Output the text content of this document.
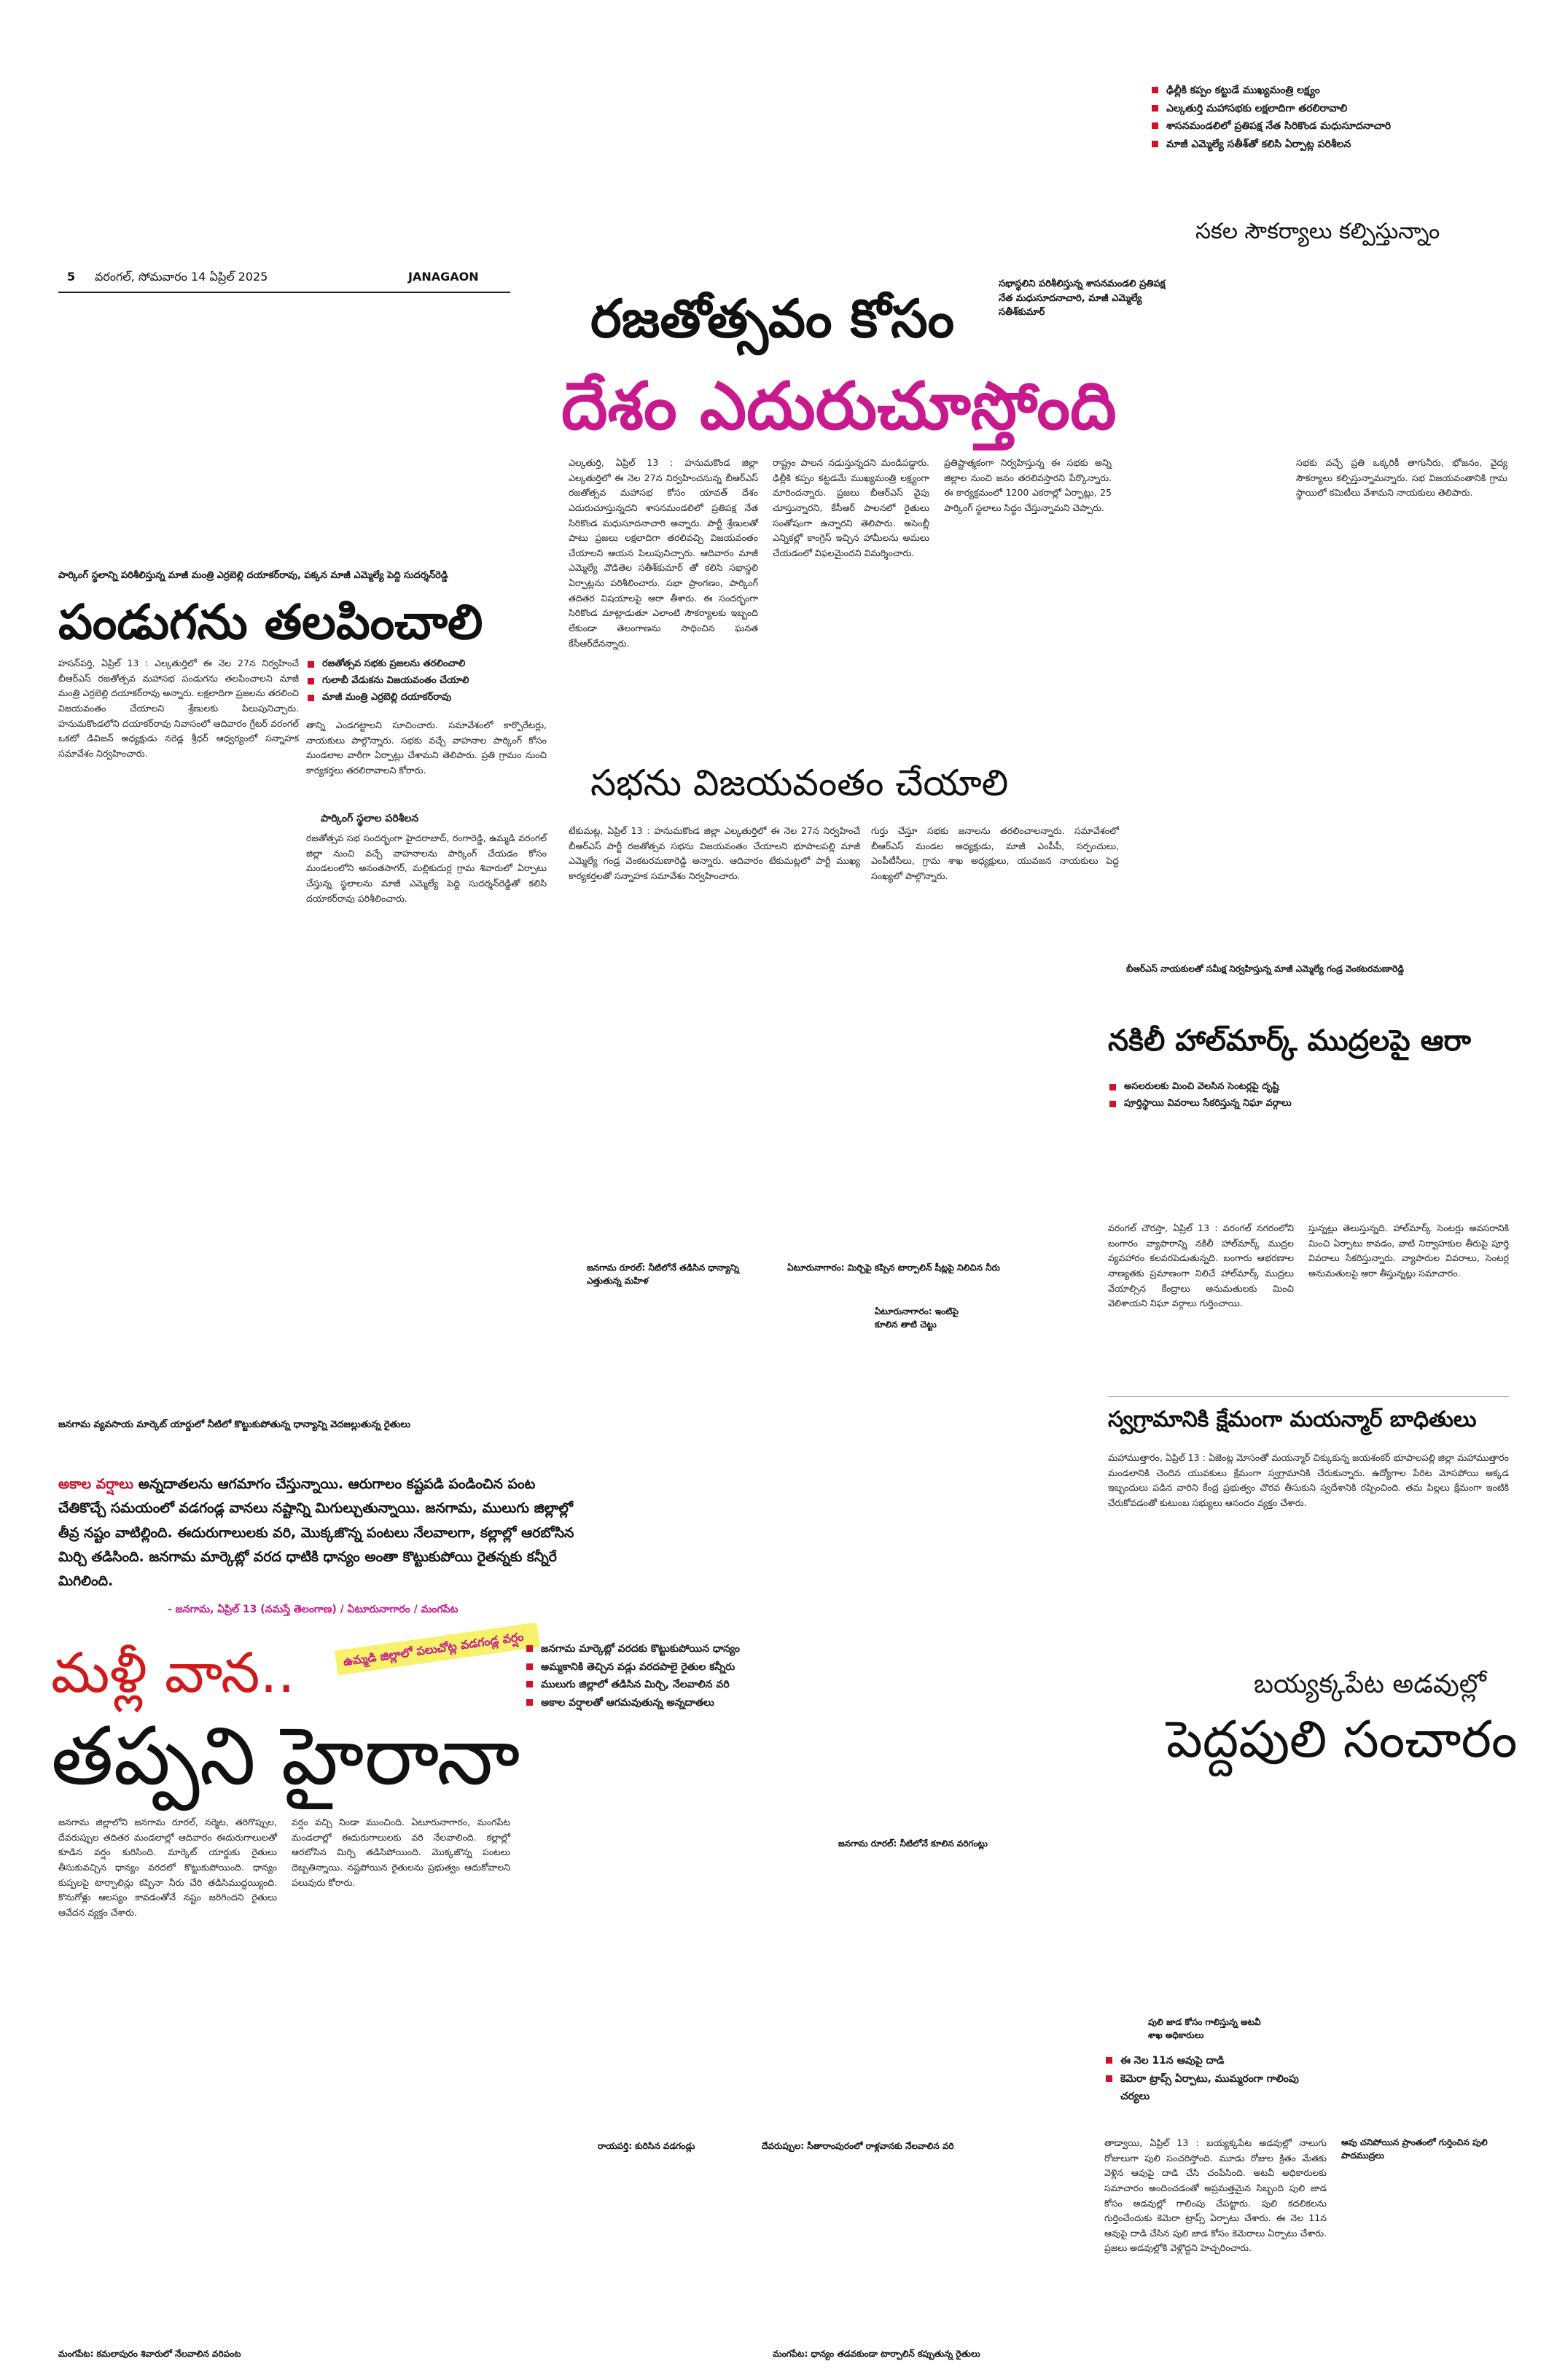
ఢిల్లీకి కప్పం కట్టుడే ముఖ్యమంత్రి లక్ష్యం
ఎల్కతుర్తి మహాసభకు లక్షలాదిగా తరలిరావాలి
శాసనమండలిలో ప్రతిపక్ష నేత సిరికొండ మధుసూదనాచారి
మాజీ ఎమ్మెల్యే సతీశ్‌తో కలిసి ఏర్పాట్ల పరిశీలన
సకల సౌకర్యాలు కల్పిస్తున్నాం
5 వరంగల్, సోమవారం 14 ఏప్రిల్ 2025	JANAGAON
రజతోత్సవం కోసం
సభాస్థలిని పరిశీలిస్తున్న శాసనమండలి ప్రతిపక్ష నేత మధుసూదనాచారి, మాజీ ఎమ్మెల్యే సతీశ్‌కుమార్
దేశం ఎదురుచూస్తోంది
ఎల్కతుర్తి, ఏప్రిల్ 13 : హనుమకొండ జిల్లా ఎల్కతుర్తిలో ఈ నెల 27న నిర్వహించనున్న బీఆర్‌ఎస్ రజతోత్సవ మహాసభ కోసం యావత్ దేశం ఎదురుచూస్తున్నదని శాసనమండలిలో ప్రతిపక్ష నేత సిరికొండ మధుసూదనాచారి అన్నారు. పార్టీ శ్రేణులతో పాటు ప్రజలు లక్షలాదిగా తరలివచ్చి విజయవంతం చేయాలని ఆయన పిలుపునిచ్చారు. ఆదివారం మాజీ ఎమ్మెల్యే వొడితెల సతీశ్‌కుమార్ తో కలిసి సభాస్థలి ఏర్పాట్లను పరిశీలించారు. సభా ప్రాంగణం, పార్కింగ్ తదితర విషయాలపై ఆరా తీశారు. ఈ సందర్భంగా సిరికొండ మాట్లాడుతూ ఎలాంటి సౌకర్యాలకు ఇబ్బంది లేకుండా తెలంగాణను సాధించిన ఘనత కేసీఆర్‌దేనన్నారు.
రాష్ట్రం పాలన నడుస్తున్నదని మండిపడ్డారు. ఢిల్లీకి కప్పం కట్టడమే ముఖ్యమంత్రి లక్ష్యంగా మారిందన్నారు. ప్రజలు బీఆర్‌ఎస్ వైపు చూస్తున్నారని, కేసీఆర్ పాలనలో రైతులు సంతోషంగా ఉన్నారని తెలిపారు. అసెంబ్లీ ఎన్నికల్లో కాంగ్రెస్ ఇచ్చిన హామీలను అమలు చేయడంలో విఫలమైందని విమర్శించారు.
ప్రతిష్టాత్మకంగా నిర్వహిస్తున్న ఈ సభకు అన్ని జిల్లాల నుంచి జనం తరలివస్తారని పేర్కొన్నారు. ఈ కార్యక్రమంలో 1200 ఎకరాల్లో ఏర్పాట్లు, 25 పార్కింగ్ స్థలాలు సిద్ధం చేస్తున్నామని చెప్పారు.
సభకు వచ్చే ప్రతి ఒక్కరికీ తాగునీరు, భోజనం, వైద్య సౌకర్యాలు కల్పిస్తున్నామన్నారు. సభ విజయవంతానికి గ్రామ స్థాయిలో కమిటీలు వేశామని నాయకులు తెలిపారు.
పార్కింగ్ స్థలాన్ని పరిశీలిస్తున్న మాజీ మంత్రి ఎర్రబెల్లి దయాకర్‌రావు, పక్కన మాజీ ఎమ్మెల్యే పెద్ది సుదర్శన్‌రెడ్డి
పండుగను తలపించాలి
హసన్‌పర్తి, ఏప్రిల్ 13 : ఎల్కతుర్తిలో ఈ నెల 27న నిర్వహించే బీఆర్‌ఎస్ రజతోత్సవ మహాసభ పండుగను తలపించాలని మాజీ మంత్రి ఎర్రబెల్లి దయాకర్‌రావు అన్నారు. లక్షలాదిగా ప్రజలను తరలించి విజయవంతం చేయాలని శ్రేణులకు పిలుపునిచ్చారు. హనుమకొండలోని దయాకర్‌రావు నివాసంలో ఆదివారం గ్రేటర్ వరంగల్ ఒకటో డివిజన్ అధ్యక్షుడు నరెడ్ల శ్రీధర్ ఆధ్వర్యంలో సన్నాహక సమావేశం నిర్వహించారు.
రజతోత్సవ సభకు ప్రజలను తరలించాలి
గులాబీ వేడుకను విజయవంతం చేయాలి
మాజీ మంత్రి ఎర్రబెల్లి దయాకర్‌రావు
తాన్ని ఎండగట్టాలని సూచించారు. సమావేశంలో కార్పొరేటర్లు, నాయకులు పాల్గొన్నారు. సభకు వచ్చే వాహనాల పార్కింగ్ కోసం మండలాల వారీగా ఏర్పాట్లు చేశామని తెలిపారు. ప్రతి గ్రామం నుంచి కార్యకర్తలు తరలిరావాలని కోరారు.
పార్కింగ్ స్థలాల పరిశీలన
రజతోత్సవ సభ సందర్భంగా హైదరాబాద్, రంగారెడ్డి, ఉమ్మడి వరంగల్ జిల్లా నుంచి వచ్చే వాహనాలను పార్కింగ్ చేయడం కోసం మండలంలోని అనంతసాగర్, మల్లికుదుర్ల గ్రామ శివారులో ఏర్పాటు చేస్తున్న స్థలాలను మాజీ ఎమ్మెల్యే పెద్ది సుదర్శన్‌రెడ్డితో కలిసి దయాకర్‌రావు పరిశీలించారు.
సభను విజయవంతం చేయాలి
టేకుమట్ల, ఏప్రిల్ 13 : హనుమకొండ జిల్లా ఎల్కతుర్తిలో ఈ నెల 27న నిర్వహించే బీఆర్‌ఎస్ పార్టీ రజతోత్సవ సభను విజయవంతం చేయాలని భూపాలపల్లి మాజీ ఎమ్మెల్యే గండ్ర వెంకటరమణారెడ్డి అన్నారు. ఆదివారం టేకుమట్లలో పార్టీ ముఖ్య కార్యకర్తలతో సన్నాహక సమావేశం నిర్వహించారు.
గుర్తు చేస్తూ సభకు జనాలను తరలించాలన్నారు. సమావేశంలో బీఆర్‌ఎస్ మండల అధ్యక్షుడు, మాజీ ఎంపీపీ, సర్పంచులు, ఎంపీటీసీలు, గ్రామ శాఖ అధ్యక్షులు, యువజన నాయకులు పెద్ద సంఖ్యలో పాల్గొన్నారు.
బీఆర్‌ఎస్ నాయకులతో సమీక్ష నిర్వహిస్తున్న మాజీ ఎమ్మెల్యే గండ్ర వెంకటరమణారెడ్డి
నకిలీ హాల్‌మార్క్ ముద్రలపై ఆరా
అసలరులకు మించి వెలసిన సెంటర్లపై దృష్టి
పూర్తిస్థాయి వివరాలు సేకరిస్తున్న నిఘా వర్గాలు
వరంగల్ చౌరస్తా, ఏప్రిల్ 13 : వరంగల్ నగరంలోని బంగారం వ్యాపారాన్ని నకిలీ హాల్‌మార్క్ ముద్రల వ్యవహారం కలవరపెడుతున్నది. బంగారు ఆభరణాల నాణ్యతకు ప్రమాణంగా నిలిచే హాల్‌మార్క్ ముద్రలు వేయాల్సిన కేంద్రాలు అనుమతులకు మించి వెలిశాయని నిఘా వర్గాలు గుర్తించాయి.
స్తున్నట్లు తెలుస్తున్నది. హాల్‌మార్క్ సెంటర్లు అవసరానికి మించి ఏర్పాటు కావడం, వాటి నిర్వాహకుల తీరుపై పూర్తి వివరాలు సేకరిస్తున్నారు. వ్యాపారుల వివరాలు, సెంటర్ల అనుమతులపై ఆరా తీస్తున్నట్లు సమాచారం.
స్వగ్రామానికి క్షేమంగా మయన్మార్ బాధితులు
మహాముత్తారం, ఏప్రిల్ 13 : ఏజెంట్ల మోసంతో మయన్మార్ చిక్కుకున్న జయశంకర్ భూపాలపల్లి జిల్లా మహాముత్తారం మండలానికి చెందిన యువకులు క్షేమంగా స్వగ్రామానికి చేరుకున్నారు. ఉద్యోగాల పేరిట మోసపోయి అక్కడ ఇబ్బందులు పడిన వారిని కేంద్ర ప్రభుత్వం చొరవ తీసుకుని స్వదేశానికి రప్పించింది. తమ పిల్లలు క్షేమంగా ఇంటికి చేరుకోవడంతో కుటుంబ సభ్యులు ఆనందం వ్యక్తం చేశారు.
బయ్యక్కపేట అడవుల్లో
పెద్దపులి సంచారం
పులి జాడ కోసం గాలిస్తున్న అటవీ శాఖ అధికారులు
ఈ నెల 11న ఆవుపై దాడి
కెమెరా ట్రాప్స్ ఏర్పాటు, ముమ్మరంగా గాలింపు చర్యలు
ఆవు చనిపోయిన ప్రాంతంలో గుర్తించిన పులి పాదముద్రలు
తాడ్వాయి, ఏప్రిల్ 13 : బయ్యక్కపేట అడవుల్లో నాలుగు రోజులుగా పులి సంచరిస్తోంది. మూడు రోజుల క్రితం మేతకు వెళ్లిన ఆవుపై దాడి చేసి చంపేసింది. అటవీ అధికారులకు సమాచారం అందించడంతో అప్రమత్తమైన సిబ్బంది పులి జాడ కోసం అడవుల్లో గాలింపు చేపట్టారు. పులి కదలికలను గుర్తించేందుకు కెమెరా ట్రాప్స్ ఏర్పాటు చేశారు. ఈ నెల 11న ఆవుపై దాడి చేసిన పులి జాడ కోసం కెమెరాలు ఏర్పాటు చేశారు. ప్రజలు అడవుల్లోకి వెళ్లొద్దని హెచ్చరించారు.
జనగామ వ్యవసాయ మార్కెట్ యార్డులో నీటిలో కొట్టుకుపోతున్న ధాన్యాన్ని వెదజల్లుతున్న రైతులు
జనగామ రూరల్: నీటిలోనే తడిసిన ధాన్యాన్ని ఎత్తుతున్న మహిళ
ఏటూరునాగారం: మిర్చిపై కప్పిన టార్పాలిన్ షీట్లపై నిలిచిన నీరు
ఏటూరునాగారం: ఇంటిపై కూలిన తాటి చెట్టు
అకాల వర్షాలు అన్నదాతలను ఆగమాగం చేస్తున్నాయి. ఆరుగాలం కష్టపడి పండించిన పంట చేతికొచ్చే సమయంలో వడగండ్ల వానలు నష్టాన్ని మిగుల్చుతున్నాయి. జనగామ, ములుగు జిల్లాల్లో తీవ్ర నష్టం వాటిల్లింది. ఈదురుగాలులకు వరి, మొక్కజొన్న పంటలు నేలవాలగా, కల్లాల్లో ఆరబోసిన మిర్చి తడిసింది. జనగామ మార్కెట్లో వరద ధాటికి ధాన్యం అంతా కొట్టుకుపోయి రైతన్నకు కన్నీరే మిగిలింది.
- జనగామ, ఏప్రిల్ 13 (నమస్తే తెలంగాణ) / ఏటూరునాగారం / మంగపేట
మళ్లీ వాన..	ఉమ్మడి జిల్లాలో పలుచోట్ల వడగండ్ల వర్షం
తప్పని హైరానా
జనగామ మార్కెట్లో వరదకు కొట్టుకుపోయిన ధాన్యం
అమ్మకానికి తెచ్చిన వడ్లు వరదపాలై రైతుల కన్నీరు
ములుగు జిల్లాలో తడిసిన మిర్చి, నేలవాలిన వరి
అకాల వర్షాలతో ఆగమవుతున్న అన్నదాతలు
జనగామ రూరల్: నీటిలోనే కూలిన వరిగంట్లు
జనగామ జిల్లాలోని జనగామ రూరల్, నర్మెట, తరిగొప్పుల, దేవరుప్పుల తదితర మండలాల్లో ఆదివారం ఈదురుగాలులతో కూడిన వర్షం కురిసింది. మార్కెట్ యార్డుకు రైతులు తీసుకువచ్చిన ధాన్యం వరదలో కొట్టుకుపోయింది. ధాన్యం కుప్పలపై టార్పాలిన్లు కప్పినా నీరు చేరి తడిసిముద్దయ్యింది. కొనుగోళ్లు ఆలస్యం కావడంతోనే నష్టం జరిగిందని రైతులు ఆవేదన వ్యక్తం చేశారు.
వర్షం వచ్చి నిండా ముంచింది. ఏటూరునాగారం, మంగపేట మండలాల్లో ఈదురుగాలులకు వరి నేలవాలింది. కల్లాల్లో ఆరబోసిన మిర్చి తడిసిపోయింది. మొక్కజొన్న పంటలు దెబ్బతిన్నాయి. నష్టపోయిన రైతులను ప్రభుత్వం ఆదుకోవాలని పలువురు కోరారు.
రాయపర్తి: కురిసిన వడగండ్లు	దేవరుప్పుల: సీతారాంపురంలో రాళ్లవానకు నేలవాలిన వరి
మంగపేట: కమలాపురం శివారులో నేలవాలిన వరిపంట	మంగపేట: ధాన్యం తడవకుండా టార్పాలిన్ కప్పుతున్న రైతులు
